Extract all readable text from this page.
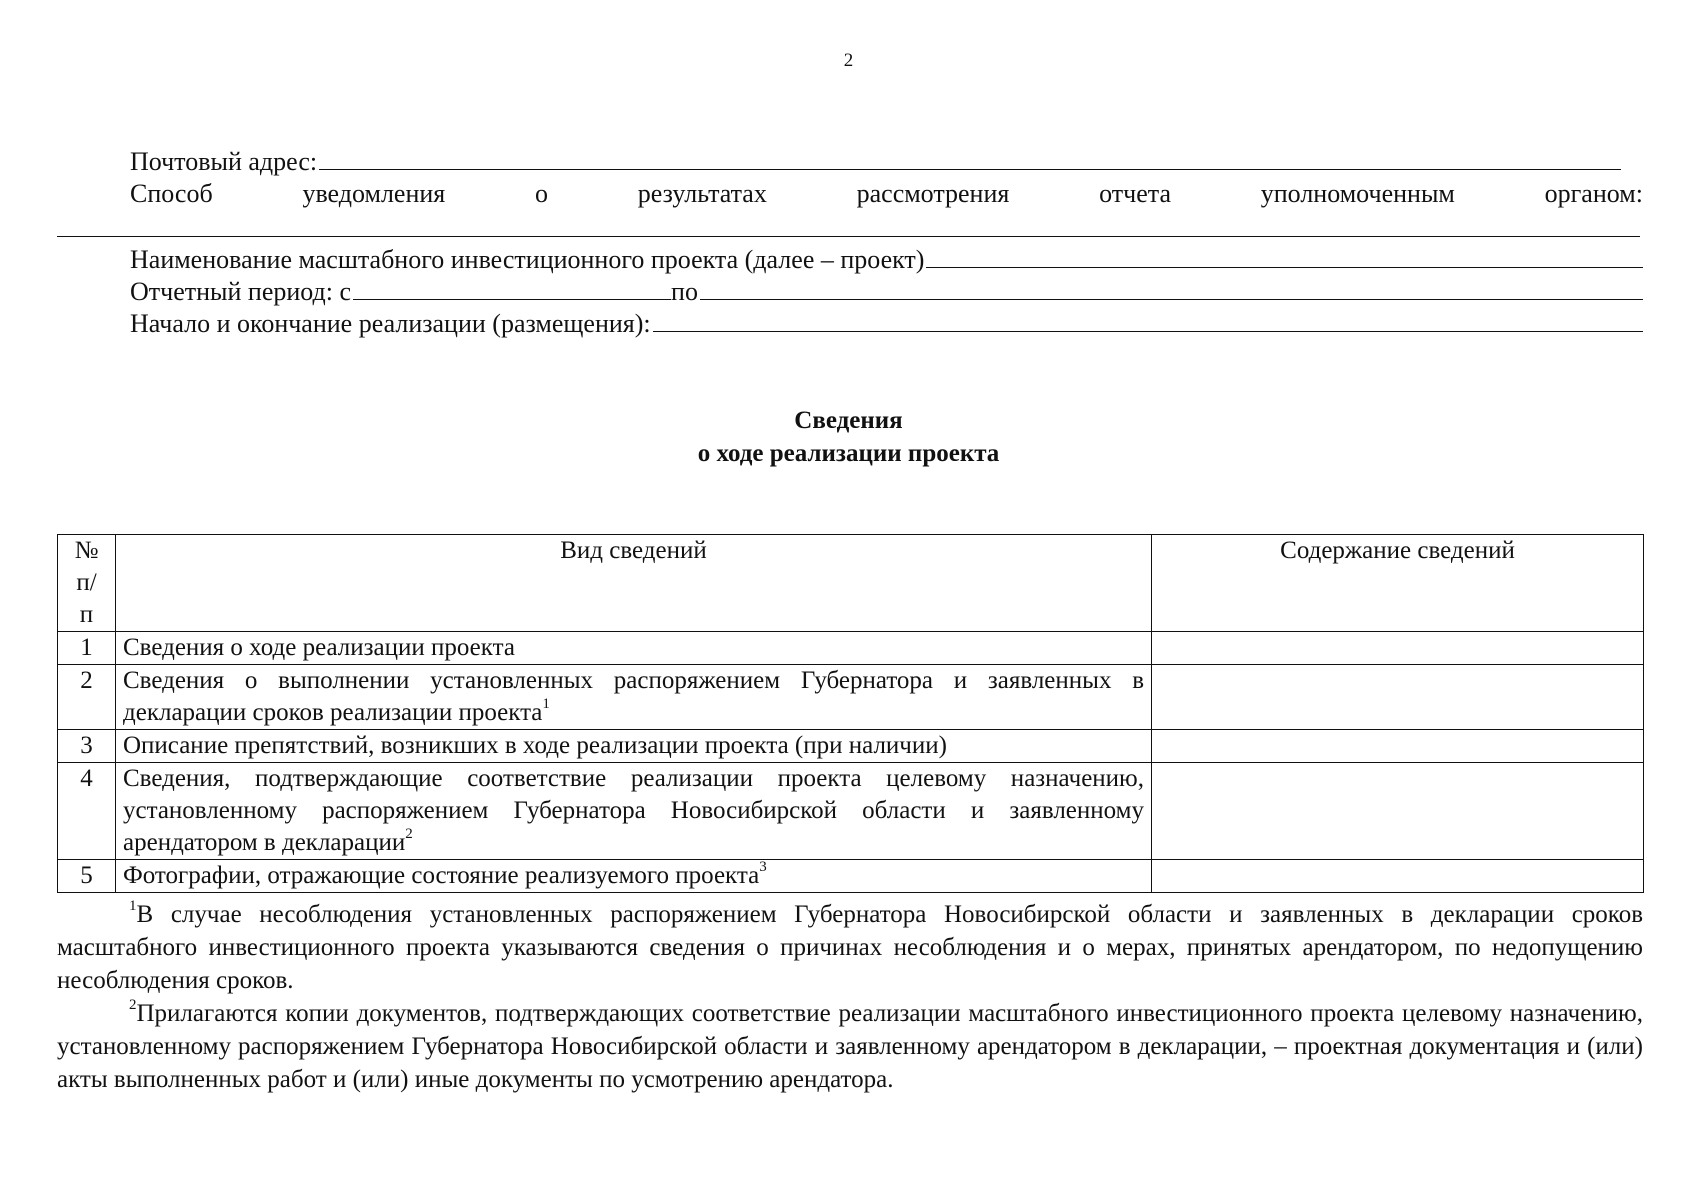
2
Почтовый адрес:
Способ	уведомления	о	результатах	рассмотрения	отчета	уполномоченным	органом:
Наименование масштабного инвестиционного проекта (далее – проект)
Отчетный период: с	по
Начало и окончание реализации (размещения):
Сведения
о ходе реализации проекта
№ п/п	Вид сведений	Содержание сведений
1	Сведения о ходе реализации проекта	
2	Сведения о выполнении установленных распоряжением Губернатора и заявленных в декларации сроков реализации проекта$^1$	
3	Описание препятствий, возникших в ходе реализации проекта (при наличии)	
4	Сведения, подтверждающие соответствие реализации проекта целевому назначению, установленному распоряжением Губернатора Новосибирской области и заявленному арендатором в декларации$^2$	
5	Фотографии, отражающие состояние реализуемого проекта$^3$	

$^1$В случае несоблюдения установленных распоряжением Губернатора Новосибирской области и заявленных в декларации сроков масштабного инвестиционного проекта указываются сведения о причинах несоблюдения и о мерах, принятых арендатором, по недопущению несоблюдения сроков.

$^2$Прилагаются копии документов, подтверждающих соответствие реализации масштабного инвестиционного проекта целевому назначению, установленному распоряжением Губернатора Новосибирской области и заявленному арендатором в декларации, – проектная документация и (или) акты выполненных работ и (или) иные документы по усмотрению арендатора.
